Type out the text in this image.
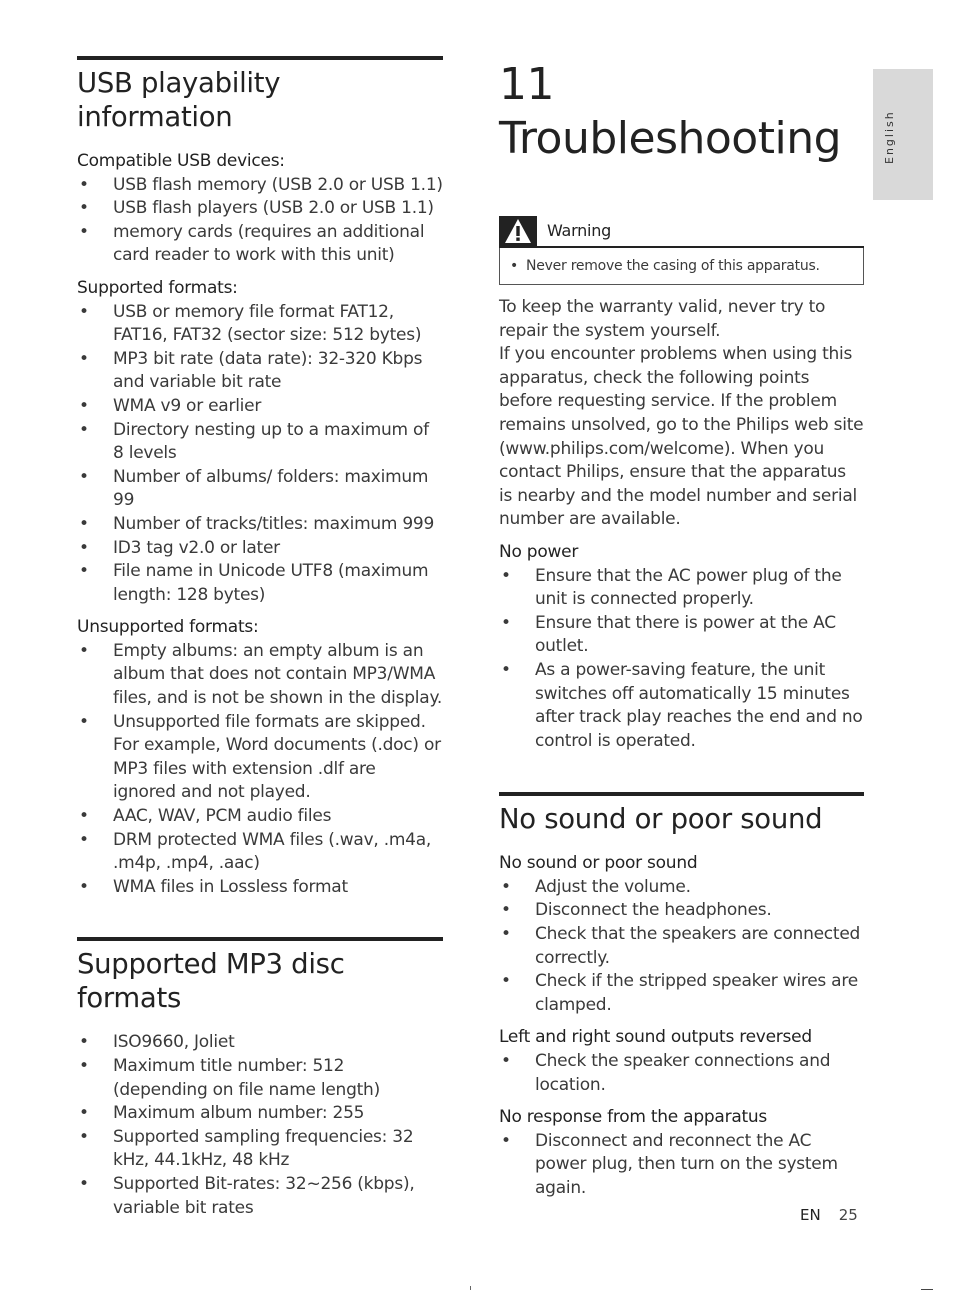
USB playability information

Compatible USB devices:

• USB flash memory (USB 2.0 or USB 1.1)
• USB flash players (USB 2.0 or USB 1.1)
• memory cards (requires an additional card reader to work with this unit)

Supported formats:

• USB or memory file format FAT12, FAT16, FAT32 (sector size: 512 bytes)
• MP3 bit rate (data rate): 32-320 Kbps and variable bit rate
• WMA v9 or earlier
• Directory nesting up to a maximum of 8 levels
• Number of albums/ folders: maximum 99
• Number of tracks/titles: maximum 999
• ID3 tag v2.0 or later
• File name in Unicode UTF8 (maximum length: 128 bytes)

Unsupported formats:

• Empty albums: an empty album is an album that does not contain MP3/WMA files, and is not be shown in the display.
• Unsupported file formats are skipped. For example, Word documents (.doc) or MP3 files with extension .dlf are ignored and not played.
• AAC, WAV, PCM audio files
• DRM protected WMA files (.wav, .m4a, .m4p, .mp4, .aac)
• WMA files in Lossless format
Supported MP3 disc formats
• ISO9660, Joliet
• Maximum title number: 512 (depending on file name length)
• Maximum album number: 255
• Supported sampling frequencies: 32 kHz, 44.1kHz, 48 kHz
• Supported Bit-rates: 32~256 (kbps), variable bit rates
11 Troubleshooting
Warning
• Never remove the casing of this apparatus.

To keep the warranty valid, never try to repair the system yourself.

If you encounter problems when using this apparatus, check the following points before requesting service. If the problem remains unsolved, go to the Philips web site (www.philips.com/welcome). When you contact Philips, ensure that the apparatus is nearby and the model number and serial number are available.

No power

• Ensure that the AC power plug of the unit is connected properly.
• Ensure that there is power at the AC outlet.
• As a power-saving feature, the unit switches off automatically 15 minutes after track play reaches the end and no control is operated.
No sound or poor sound

No sound or poor sound

• Adjust the volume.
• Disconnect the headphones.
• Check that the speakers are connected correctly.
• Check if the stripped speaker wires are clamped.

Left and right sound outputs reversed

• Check the speaker connections and location.

No response from the apparatus

• Disconnect and reconnect the AC power plug, then turn on the system again.
English
EN 25
